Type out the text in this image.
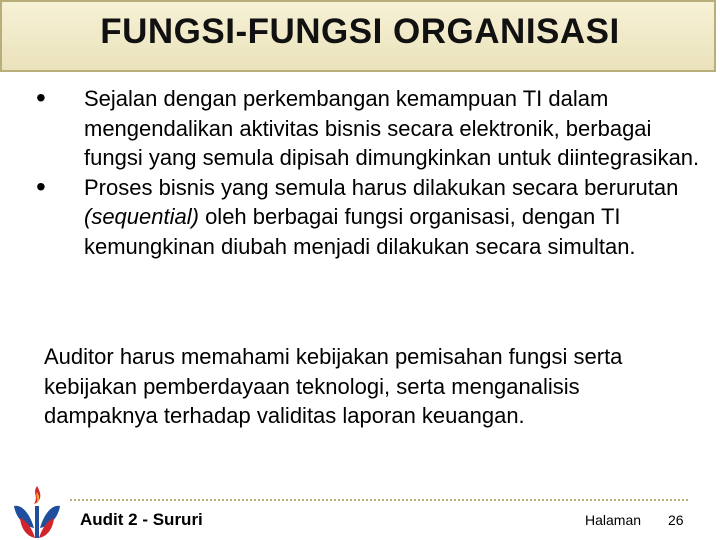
FUNGSI-FUNGSI ORGANISASI
•	Sejalan dengan perkembangan kemampuan TI dalam mengendalikan aktivitas bisnis secara elektronik, berbagai fungsi yang semula dipisah dimungkinkan untuk diintegrasikan.
•	Proses bisnis yang semula harus dilakukan secara berurutan (sequential) oleh berbagai fungsi organisasi, dengan TI kemungkinan diubah menjadi dilakukan secara simultan.
Auditor harus memahami kebijakan pemisahan fungsi serta kebijakan pemberdayaan teknologi, serta menganalisis dampaknya terhadap validitas laporan keuangan.
Audit 2 - Sururi	Halaman 26
